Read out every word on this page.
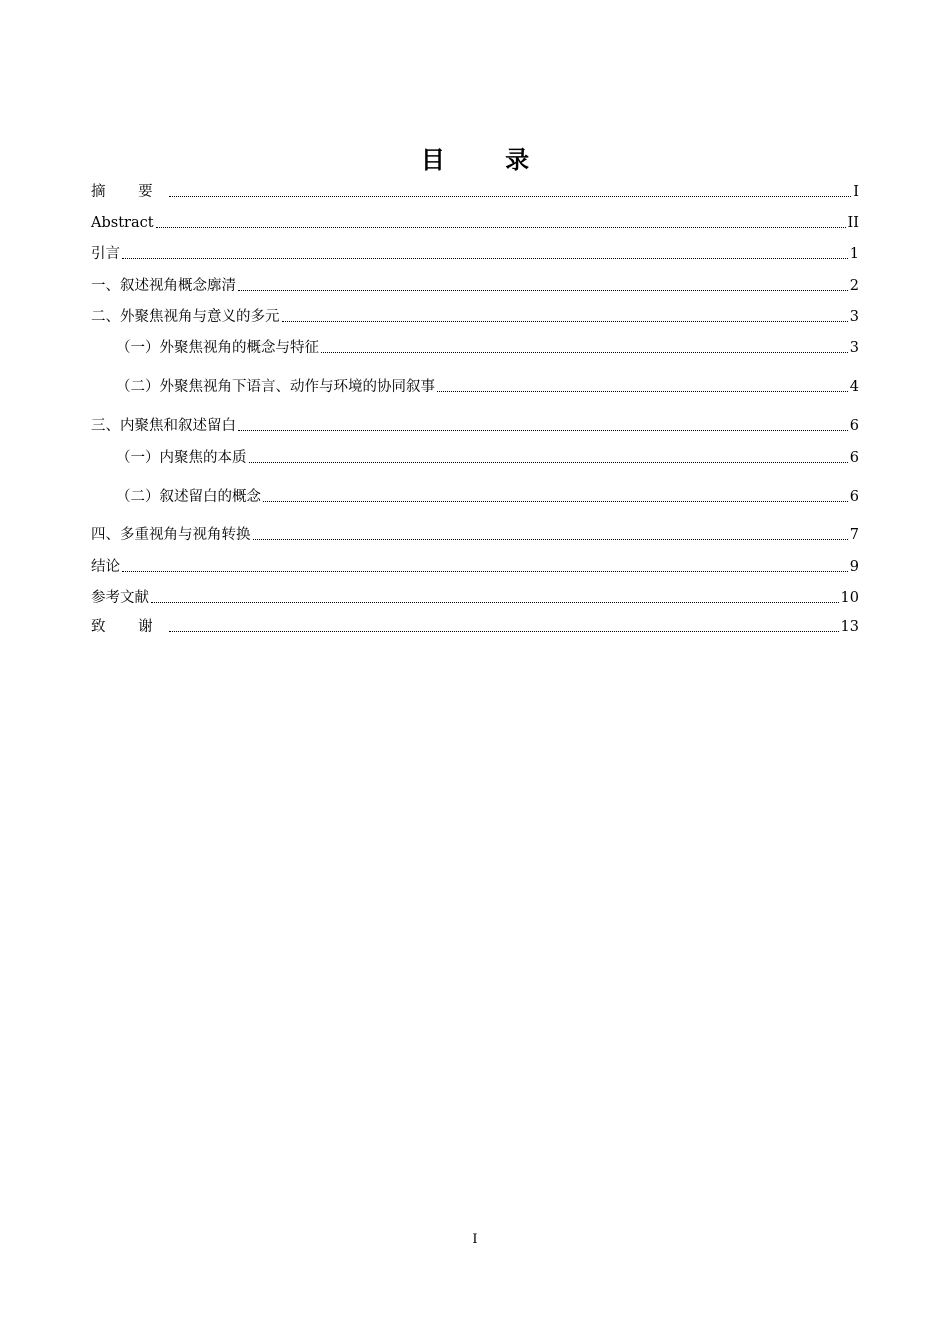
目 录
摘 要	I
Abstract	II
引言	1
一、叙述视角概念廓清	2
二、外聚焦视角与意义的多元	3
（一）外聚焦视角的概念与特征	3
（二）外聚焦视角下语言、动作与环境的协同叙事	4
三、内聚焦和叙述留白	6
（一）内聚焦的本质	6
（二）叙述留白的概念	6
四、多重视角与视角转换	7
结论	9
参考文献	10
致 谢	13
I
